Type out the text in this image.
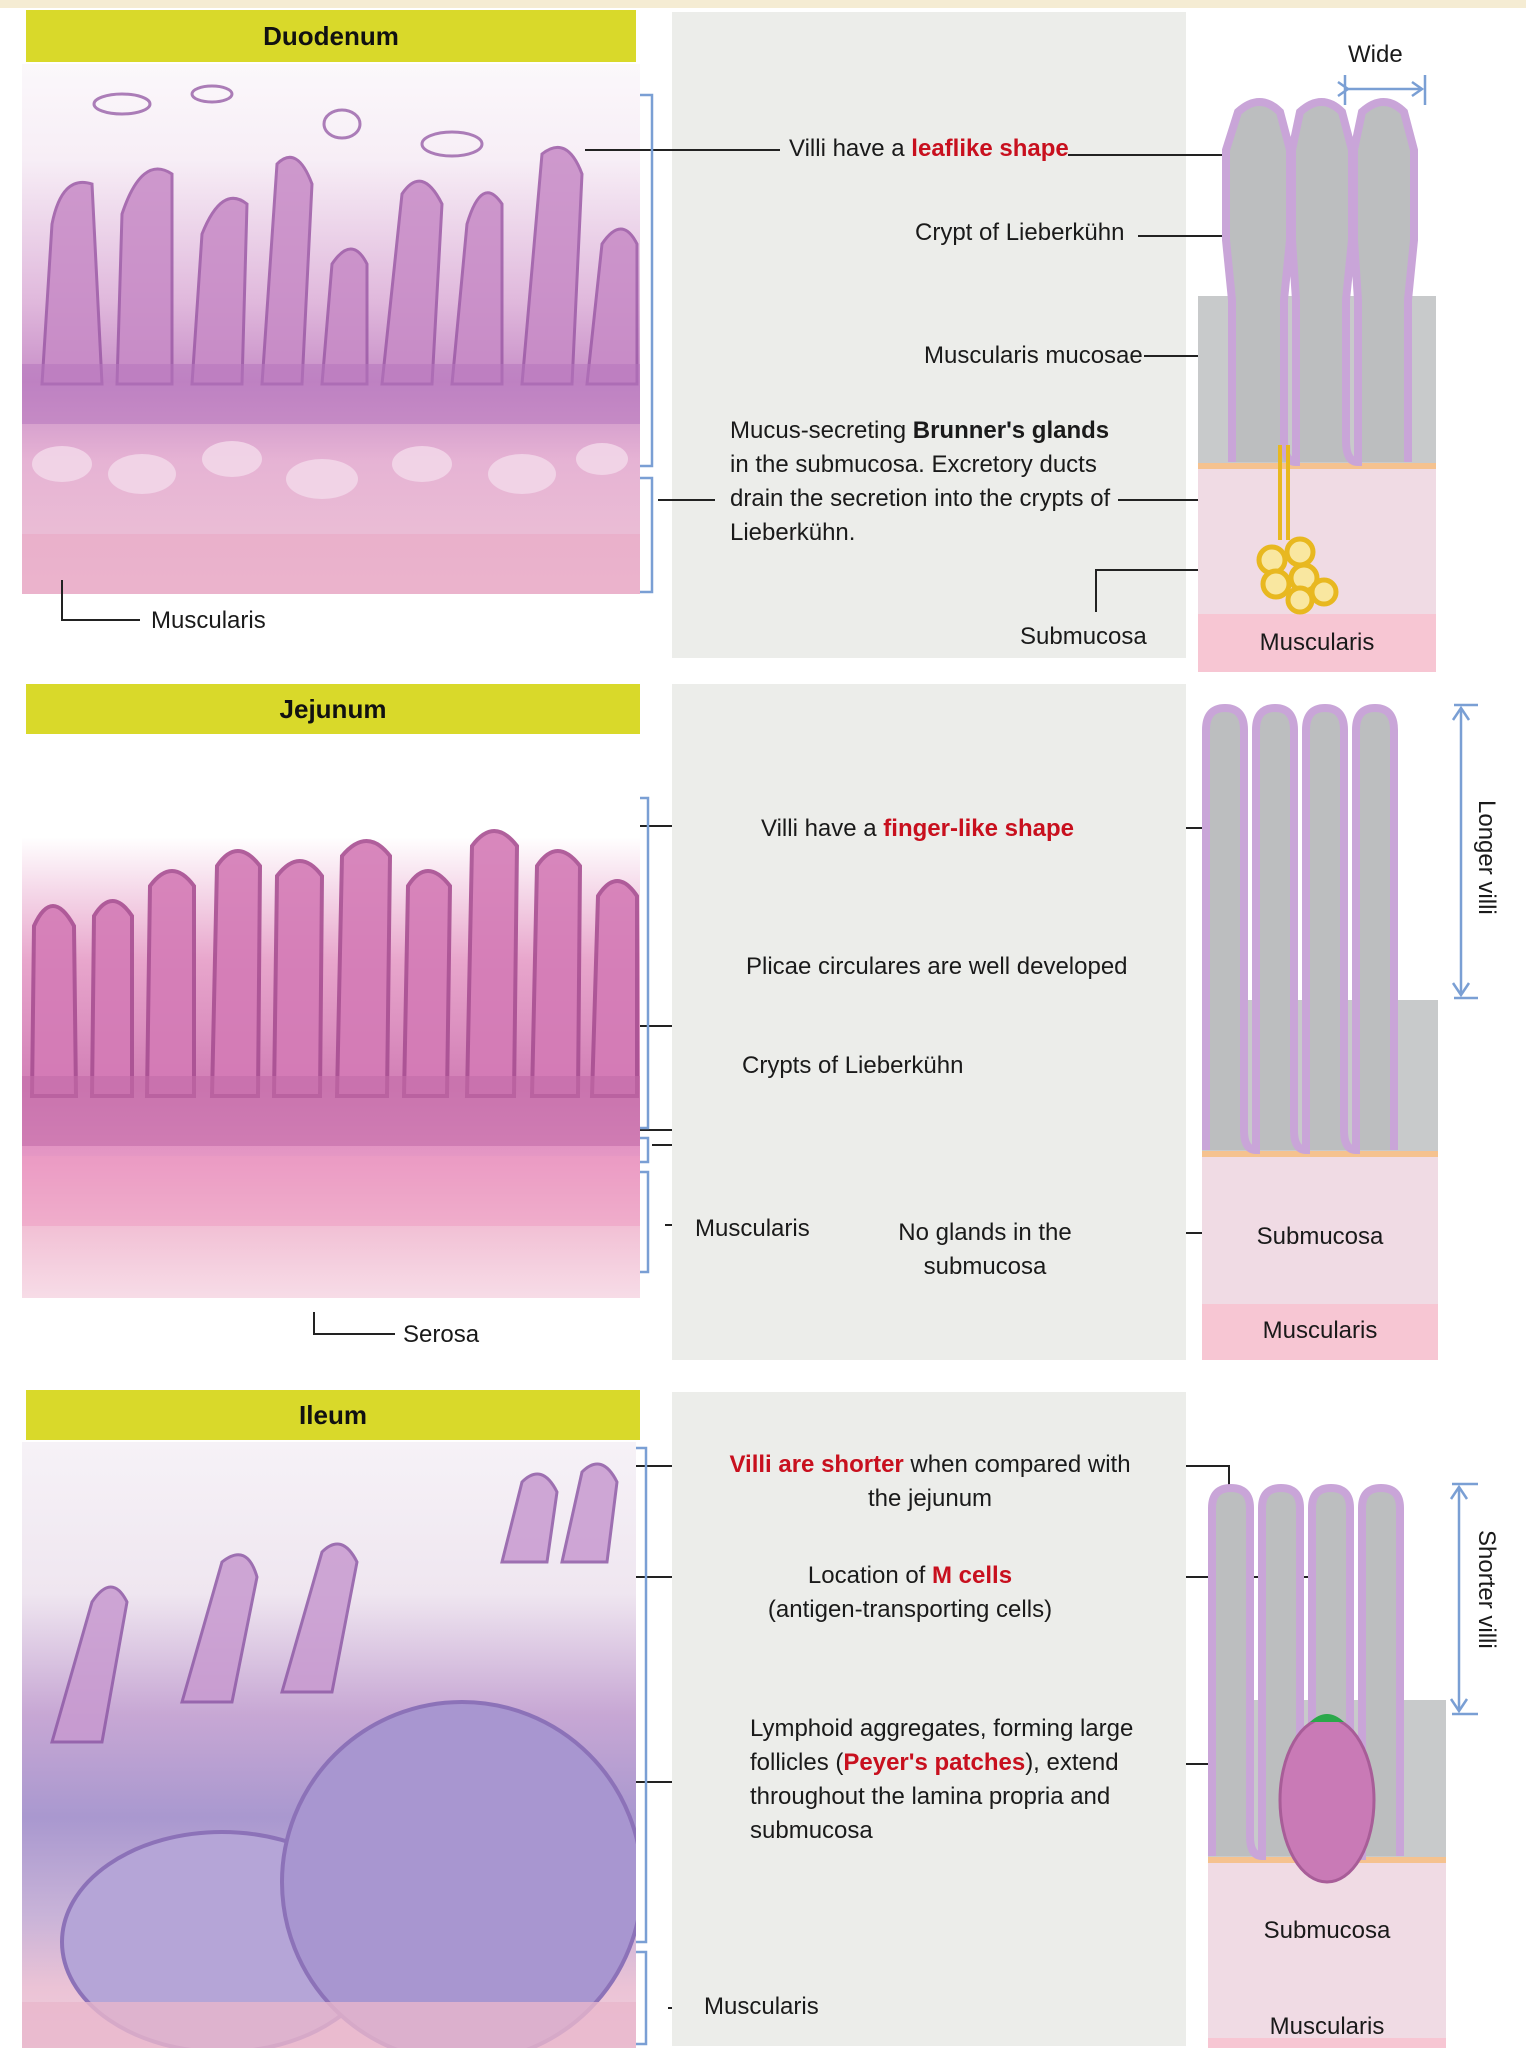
Duodenum
Villi have a leaflike shape
Crypt of Lieberkühn
Muscularis mucosae
Mucus-secreting Brunner's glands
in the submucosa. Excretory ducts
drain the secretion into the crypts of
Lieberkühn.
Muscularis
Submucosa
Wide
Muscularis
Jejunum
Villi have a finger-like shape
Plicae circulares are well developed
Crypts of Lieberkühn
Muscularis	No glands in the
submucosa
Serosa
Submucosa
Muscularis
Longer villi
Ileum
Villi are shorter when compared with
the jejunum
Location of M cells
(antigen-transporting cells)
Lymphoid aggregates, forming large
follicles (Peyer's patches), extend
throughout the lamina propria and
submucosa
Muscularis
Submucosa
Muscularis
Shorter villi
